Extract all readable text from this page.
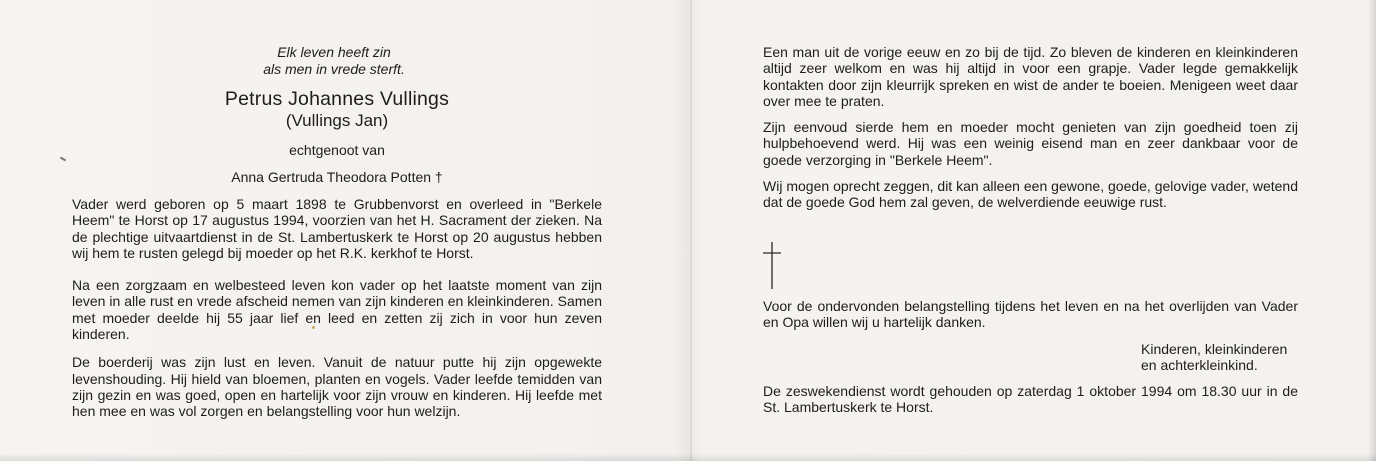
Elk leven heeft zin
als men in vrede sterft.
Petrus Johannes Vullings
(Vullings Jan)
echtgenoot van
Anna Gertruda Theodora Potten †

Vader werd geboren op 5 maart 1898 te Grubbenvorst en overleed in "Berkele Heem" te Horst op 17 augustus 1994, voorzien van het H. Sacrament der zieken. Na de plechtige uitvaartdienst in de St. Lambertuskerk te Horst op 20 augustus hebben wij hem te rusten gelegd bij moeder op het R.K. kerkhof te Horst.

Na een zorgzaam en welbesteed leven kon vader op het laatste moment van zijn leven in alle rust en vrede afscheid nemen van zijn kinderen en kleinkinderen. Samen met moeder deelde hij 55 jaar lief en leed en zetten zij zich in voor hun zeven kinderen.

De boerderij was zijn lust en leven. Vanuit de natuur putte hij zijn opgewekte levenshouding. Hij hield van bloemen, planten en vogels. Vader leefde temidden van zijn gezin en was goed, open en hartelijk voor zijn vrouw en kinderen. Hij leefde met hen mee en was vol zorgen en belangstelling voor hun welzijn.

Een man uit de vorige eeuw en zo bij de tijd. Zo bleven de kinderen en kleinkinderen altijd zeer welkom en was hij altijd in voor een grapje. Vader legde gemakkelijk kontakten door zijn kleurrijk spreken en wist de ander te boeien. Menigeen weet daar over mee te praten.

Zijn eenvoud sierde hem en moeder mocht genieten van zijn goedheid toen zij hulpbehoevend werd. Hij was een weinig eisend man en zeer dankbaar voor de goede verzorging in "Berkele Heem".

Wij mogen oprecht zeggen, dit kan alleen een gewone, goede, gelovige vader, wetend dat de goede God hem zal geven, de welverdiende eeuwige rust.

Voor de ondervonden belangstelling tijdens het leven en na het overlijden van Vader en Opa willen wij u hartelijk danken.

Kinderen, kleinkinderen
en achterkleinkind.

De zeswekendienst wordt gehouden op zaterdag 1 oktober 1994 om 18.30 uur in de St. Lambertuskerk te Horst.
